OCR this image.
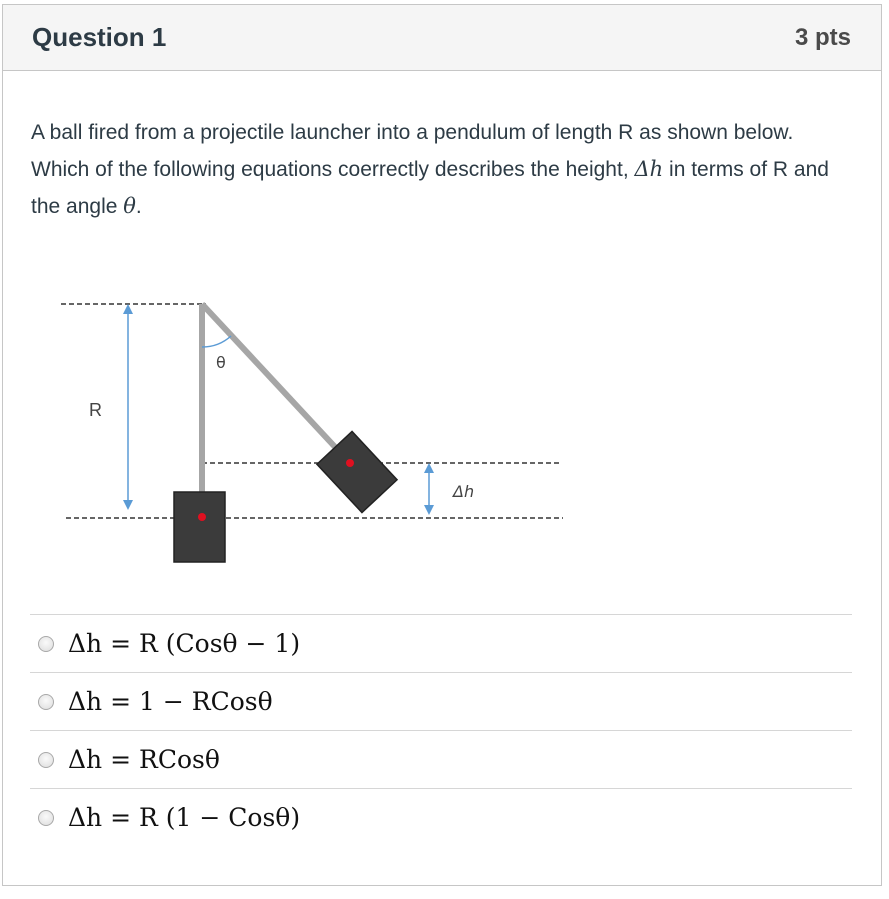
Question 1	3 pts
A ball fired from a projectile launcher into a pendulum of length R as shown below. Which of the following equations coerrectly describes the height, Δh in terms of R and the angle θ.
R
θ
Δh
Δh = R (Cosθ − 1)
Δh = 1 − RCosθ
Δh = RCosθ
Δh = R (1 − Cosθ)
